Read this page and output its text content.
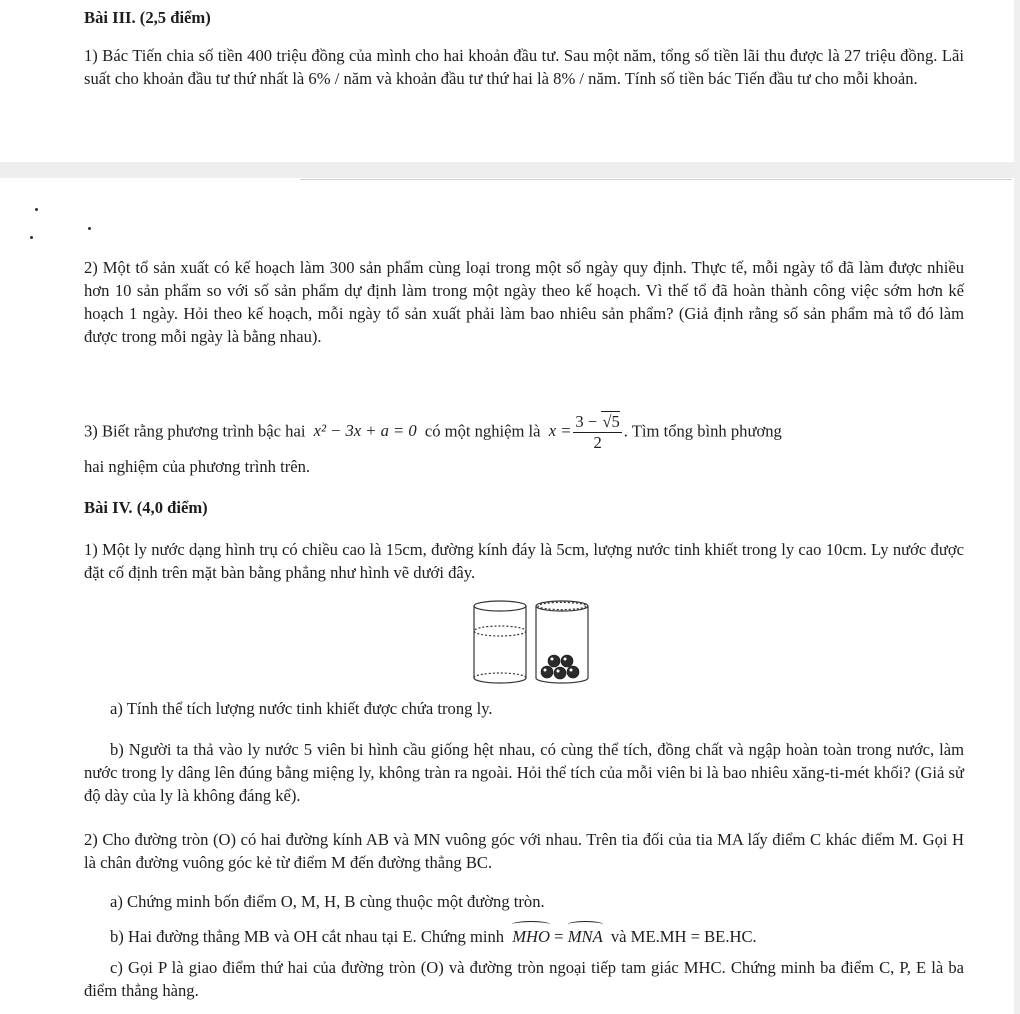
Bài III. (2,5 điểm)
1) Bác Tiến chia số tiền 400 triệu đồng của mình cho hai khoản đầu tư. Sau một năm, tổng số tiền lãi thu được là 27 triệu đồng. Lãi suất cho khoản đầu tư thứ nhất là 6% / năm và khoản đầu tư thứ hai là 8% / năm. Tính số tiền bác Tiến đầu tư cho mỗi khoản.
2) Một tổ sản xuất có kế hoạch làm 300 sản phẩm cùng loại trong một số ngày quy định. Thực tế, mỗi ngày tổ đã làm được nhiều hơn 10 sản phẩm so với số sản phẩm dự định làm trong một ngày theo kế hoạch. Vì thế tổ đã hoàn thành công việc sớm hơn kế hoạch 1 ngày. Hỏi theo kế hoạch, mỗi ngày tổ sản xuất phải làm bao nhiêu sản phẩm? (Giả định rằng số sản phẩm mà tổ đó làm được trong mỗi ngày là bằng nhau).
3) Biết rằng phương trình bậc hai x² − 3x + a = 0 có một nghiệm là $x = \frac{3 - √5}{2}$ . Tìm tổng bình phương
hai nghiệm của phương trình trên.
Bài IV. (4,0 điểm)
1) Một ly nước dạng hình trụ có chiều cao là 15cm, đường kính đáy là 5cm, lượng nước tinh khiết trong ly cao 10cm. Ly nước được đặt cố định trên mặt bàn bằng phẳng như hình vẽ dưới đây.
a) Tính thể tích lượng nước tinh khiết được chứa trong ly.
b) Người ta thả vào ly nước 5 viên bi hình cầu giống hệt nhau, có cùng thể tích, đồng chất và ngập hoàn toàn trong nước, làm nước trong ly dâng lên đúng bằng miệng ly, không tràn ra ngoài. Hỏi thể tích của mỗi viên bi là bao nhiêu xăng-ti-mét khối? (Giả sử độ dày của ly là không đáng kể).
2) Cho đường tròn (O) có hai đường kính AB và MN vuông góc với nhau. Trên tia đối của tia MA lấy điểm C khác điểm M. Gọi H là chân đường vuông góc kẻ từ điểm M đến đường thẳng BC.
a) Chứng minh bốn điểm O, M, H, B cùng thuộc một đường tròn.
b) Hai đường thẳng MB và OH cắt nhau tại E. Chứng minh MHO = MNA và ME.MH = BE.HC.
c) Gọi P là giao điểm thứ hai của đường tròn (O) và đường tròn ngoại tiếp tam giác MHC. Chứng minh ba điểm C, P, E là ba điểm thẳng hàng.
